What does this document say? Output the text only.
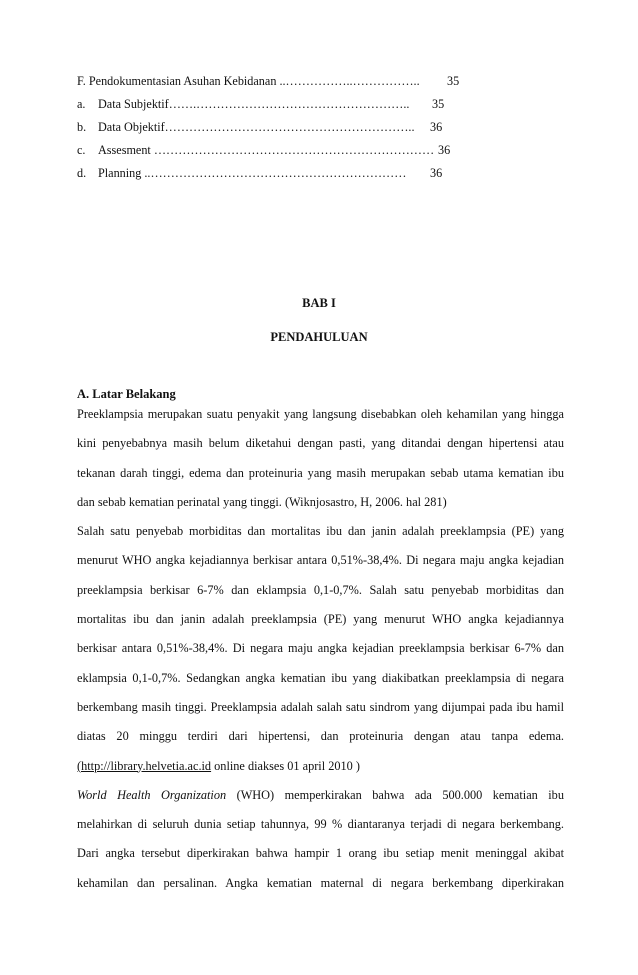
F. Pendokumentasian Asuhan Kebidanan ..……………..…………….. 35
a. Data Subjektif…….…………………………………………….. 35
b. Data Objektif…………………………………………………….. 36
c. Assesment …………………………………………………………… 36
d. Planning ..……………………………………………………… 36
BAB I
PENDAHULUAN
A. Latar Belakang
Preeklampsia merupakan suatu penyakit yang langsung disebabkan oleh kehamilan yang hingga
kini penyebabnya masih belum diketahui dengan pasti, yang ditandai dengan hipertensi atau
tekanan darah tinggi, edema dan proteinuria yang masih merupakan sebab utama kematian ibu
dan sebab kematian perinatal yang tinggi. (Wiknjosastro, H, 2006. hal 281)
Salah satu penyebab morbiditas dan mortalitas ibu dan janin adalah preeklampsia (PE) yang
menurut WHO angka kejadiannya berkisar antara 0,51%-38,4%. Di negara maju angka kejadian
preeklampsia berkisar 6-7% dan eklampsia 0,1-0,7%. Salah satu penyebab morbiditas dan
mortalitas ibu dan janin adalah preeklampsia (PE) yang menurut WHO angka kejadiannya
berkisar antara 0,51%-38,4%. Di negara maju angka kejadian preeklampsia berkisar 6-7% dan
eklampsia 0,1-0,7%. Sedangkan angka kematian ibu yang diakibatkan preeklampsia di negara
berkembang masih tinggi. Preeklampsia adalah salah satu sindrom yang dijumpai pada ibu hamil
diatas 20 minggu terdiri dari hipertensi, dan proteinuria dengan atau tanpa edema.
(http://library.helvetia.ac.id online diakses 01 april 2010 )
World Health Organization (WHO) memperkirakan bahwa ada 500.000 kematian ibu
melahirkan di seluruh dunia setiap tahunnya, 99 % diantaranya terjadi di negara berkembang.
Dari angka tersebut diperkirakan bahwa hampir 1 orang ibu setiap menit meninggal akibat
kehamilan dan persalinan. Angka kematian maternal di negara berkembang diperkirakan
